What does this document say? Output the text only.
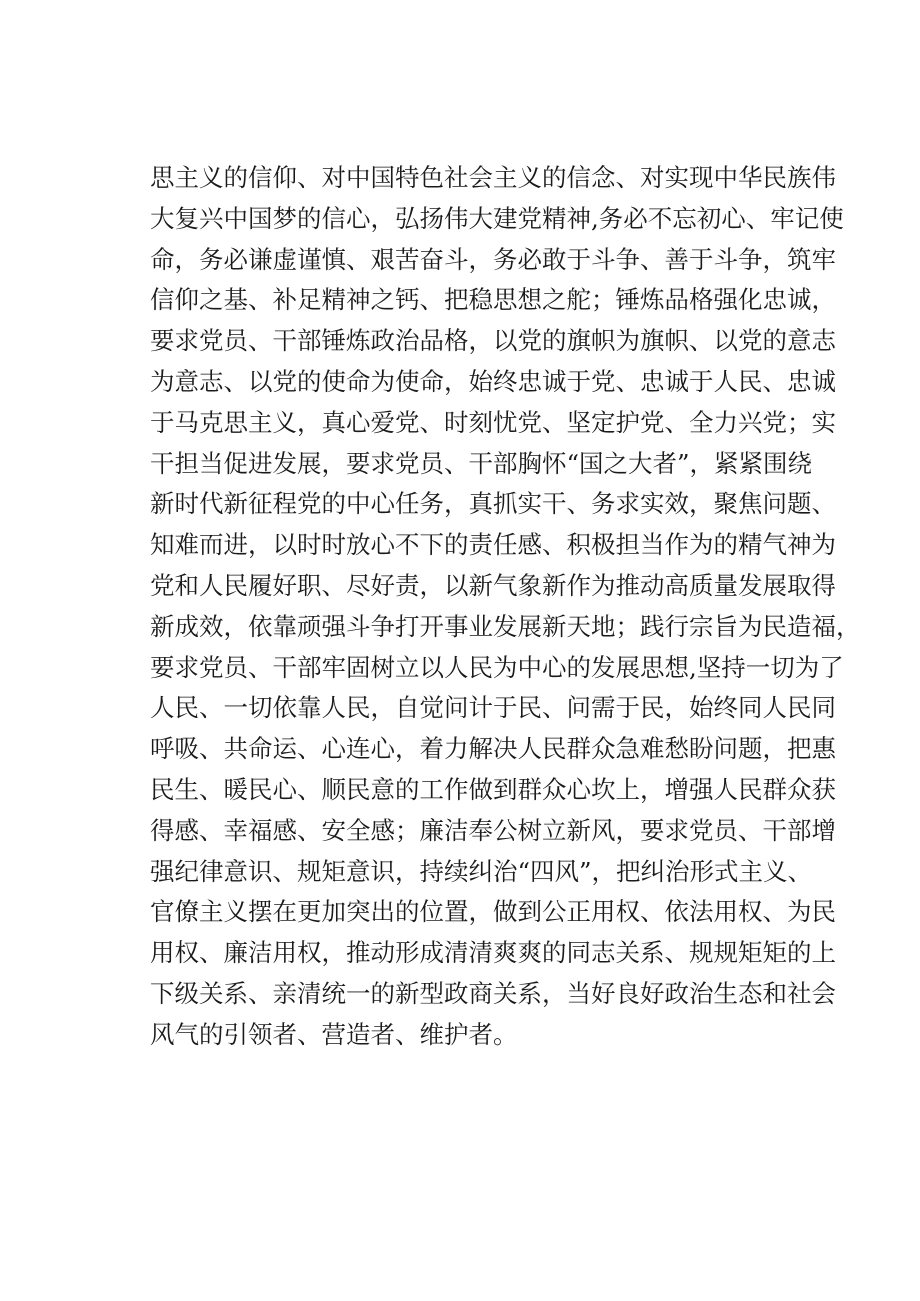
思主义的信仰、对中国特色社会主义的信念、对实现中华民族伟
大复兴中国梦的信心，弘扬伟大建党精神,务必不忘初心、牢记使
命，务必谦虚谨慎、艰苦奋斗，务必敢于斗争、善于斗争，筑牢
信仰之基、补足精神之钙、把稳思想之舵；锤炼品格强化忠诚，
要求党员、干部锤炼政治品格，以党的旗帜为旗帜、以党的意志
为意志、以党的使命为使命，始终忠诚于党、忠诚于人民、忠诚
于马克思主义，真心爱党、时刻忧党、坚定护党、全力兴党；实
干担当促进发展，要求党员、干部胸怀“国之大者”，紧紧围绕
新时代新征程党的中心任务，真抓实干、务求实效，聚焦问题、
知难而进，以时时放心不下的责任感、积极担当作为的精气神为
党和人民履好职、尽好责，以新气象新作为推动高质量发展取得
新成效，依靠顽强斗争打开事业发展新天地；践行宗旨为民造福，
要求党员、干部牢固树立以人民为中心的发展思想,坚持一切为了
人民、一切依靠人民，自觉问计于民、问需于民，始终同人民同
呼吸、共命运、心连心，着力解决人民群众急难愁盼问题，把惠
民生、暖民心、顺民意的工作做到群众心坎上，增强人民群众获
得感、幸福感、安全感；廉洁奉公树立新风，要求党员、干部增
强纪律意识、规矩意识，持续纠治“四风”，把纠治形式主义、
官僚主义摆在更加突出的位置，做到公正用权、依法用权、为民
用权、廉洁用权，推动形成清清爽爽的同志关系、规规矩矩的上
下级关系、亲清统一的新型政商关系，当好良好政治生态和社会
风气的引领者、营造者、维护者。
